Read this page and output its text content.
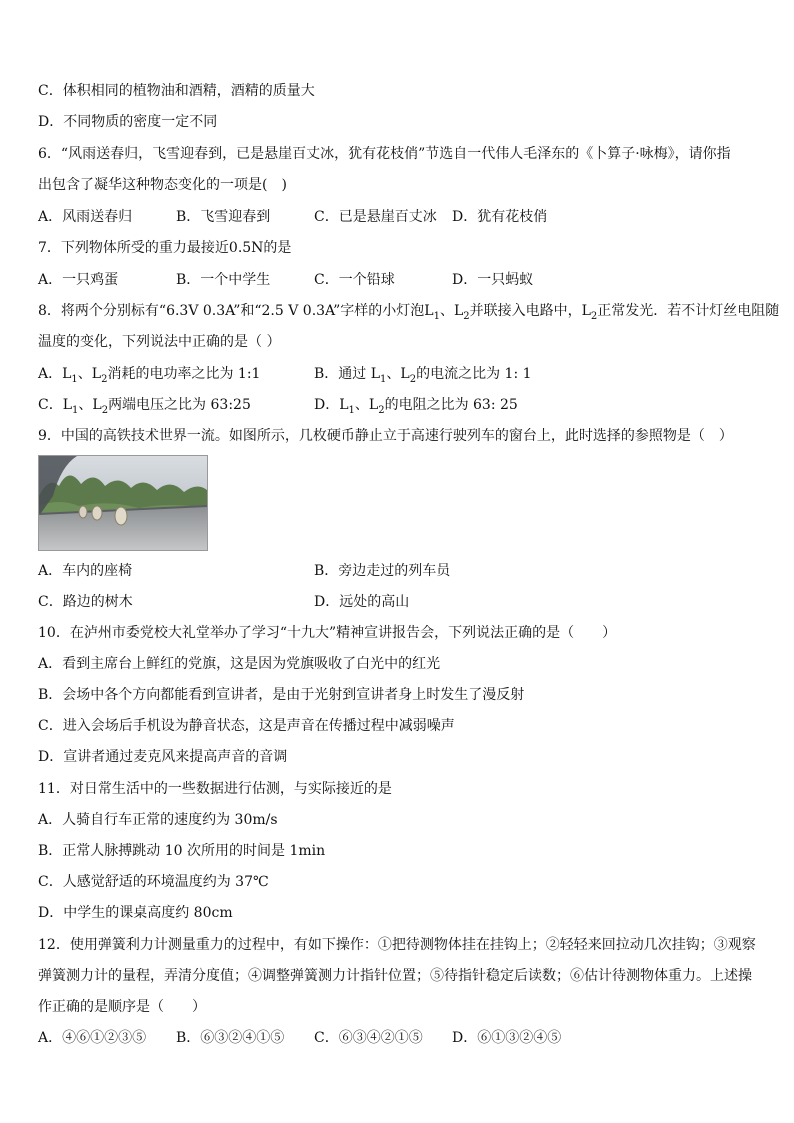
C．体积相同的植物油和酒精，酒精的质量大
D．不同物质的密度一定不同
6．“风雨送春归，飞雪迎春到，已是悬崖百丈冰，犹有花枝俏”节选自一代伟人毛泽东的《卜算子·咏梅》，请你指
出包含了凝华这种物态变化的一项是(　)
A．风雨送春归	B．飞雪迎春到	C．已是悬崖百丈冰 D．犹有花枝俏
7．下列物体所受的重力最接近0.5N的是
A．一只鸡蛋	B．一个中学生	C．一个铅球	D．一只蚂蚁
8．将两个分别标有“6.3V 0.3A”和“2.5 V 0.3A”字样的小灯泡$L_1$、$L_2$并联接入电路中，$L_2$正常发光．若不计灯丝电阻随
温度的变化，下列说法中正确的是（ ）
A．$L_1$、$L_2$消耗的电功率之比为 1:1	B．通过 $L_1$、$L_2$的电流之比为 1: 1
C．$L_1$、$L_2$两端电压之比为 63:25	D．$L_1$、$L_2$的电阻之比为 63: 25
9．中国的高铁技术世界一流。如图所示，几枚硬币静止立于高速行驶列车的窗台上，此时选择的参照物是（　）
A．车内的座椅	B．旁边走过的列车员
C．路边的树木	D．远处的高山
10．在泸州市委党校大礼堂举办了学习“十九大”精神宣讲报告会，下列说法正确的是（　　）
A．看到主席台上鲜红的党旗，这是因为党旗吸收了白光中的红光
B．会场中各个方向都能看到宣讲者，是由于光射到宣讲者身上时发生了漫反射
C．进入会场后手机设为静音状态，这是声音在传播过程中减弱噪声
D．宣讲者通过麦克风来提高声音的音调
11．对日常生活中的一些数据进行估测，与实际接近的是
A．人骑自行车正常的速度约为 30m/s
B．正常人脉搏跳动 10 次所用的时间是 1min
C．人感觉舒适的环境温度约为 37℃
D．中学生的课桌高度约 80cm
12．使用弹簧利力计测量重力的过程中，有如下操作：①把待测物体挂在挂钩上；②轻轻来回拉动几次挂钩；③观察
弹簧测力计的量程，弄清分度值；④调整弹簧测力计指针位置；⑤待指针稳定后读数；⑥估计待测物体重力。上述操
作正确的是顺序是（　　）
A．④⑥①②③⑤ B．⑥③②④①⑤ C．⑥③④②①⑤ D．⑥①③②④⑤
